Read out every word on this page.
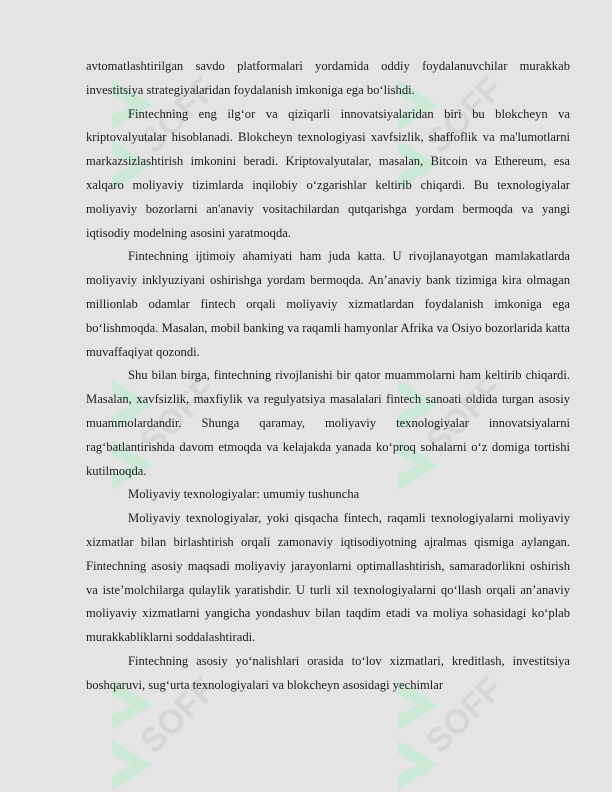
SOFF	SOFF
SOFF	SOFF
SOFF	SOFF

avtomatlashtirilgan savdo platformalari yordamida oddiy foydalanuvchilar murakkab investitsiya strategiyalaridan foydalanish imkoniga ega bo‘lishdi.

Fintechning eng ilg‘or va qiziqarli innovatsiyalaridan biri bu blokcheyn va kriptovalyutalar hisoblanadi. Blokcheyn texnologiyasi xavfsizlik, shaffoflik va ma'lumotlarni markazsizlashtirish imkonini beradi. Kriptovalyutalar, masalan, Bitcoin va Ethereum, esa xalqaro moliyaviy tizimlarda inqilobiy o‘zgarishlar keltirib chiqardi. Bu texnologiyalar moliyaviy bozorlarni an'anaviy vositachilardan qutqarishga yordam bermoqda va yangi iqtisodiy modelning asosini yaratmoqda.

Fintechning ijtimoiy ahamiyati ham juda katta. U rivojlanayotgan mamlakatlarda moliyaviy inklyuziyani oshirishga yordam bermoqda. An’anaviy bank tizimiga kira olmagan millionlab odamlar fintech orqali moliyaviy xizmatlardan foydalanish imkoniga ega bo‘lishmoqda. Masalan, mobil banking va raqamli hamyonlar Afrika va Osiyo bozorlarida katta muvaffaqiyat qozondi.

Shu bilan birga, fintechning rivojlanishi bir qator muammolarni ham keltirib chiqardi. Masalan, xavfsizlik, maxfiylik va regulyatsiya masalalari fintech sanoati oldida turgan asosiy muammolardandir. Shunga qaramay, moliyaviy texnologiyalar innovatsiyalarni rag‘batlantirishda davom etmoqda va kelajakda yanada ko‘proq sohalarni o‘z domiga tortishi kutilmoqda.

Moliyaviy texnologiyalar: umumiy tushuncha

Moliyaviy texnologiyalar, yoki qisqacha fintech, raqamli texnologiyalarni moliyaviy xizmatlar bilan birlashtirish orqali zamonaviy iqtisodiyotning ajralmas qismiga aylangan. Fintechning asosiy maqsadi moliyaviy jarayonlarni optimallashtirish, samaradorlikni oshirish va iste’molchilarga qulaylik yaratishdir. U turli xil texnologiyalarni qo‘llash orqali an’anaviy moliyaviy xizmatlarni yangicha yondashuv bilan taqdim etadi va moliya sohasidagi ko‘plab murakkabliklarni soddalashtiradi.

Fintechning asosiy yo‘nalishlari orasida to‘lov xizmatlari, kreditlash, investitsiya boshqaruvi, sug‘urta texnologiyalari va blokcheyn asosidagi yechimlar
